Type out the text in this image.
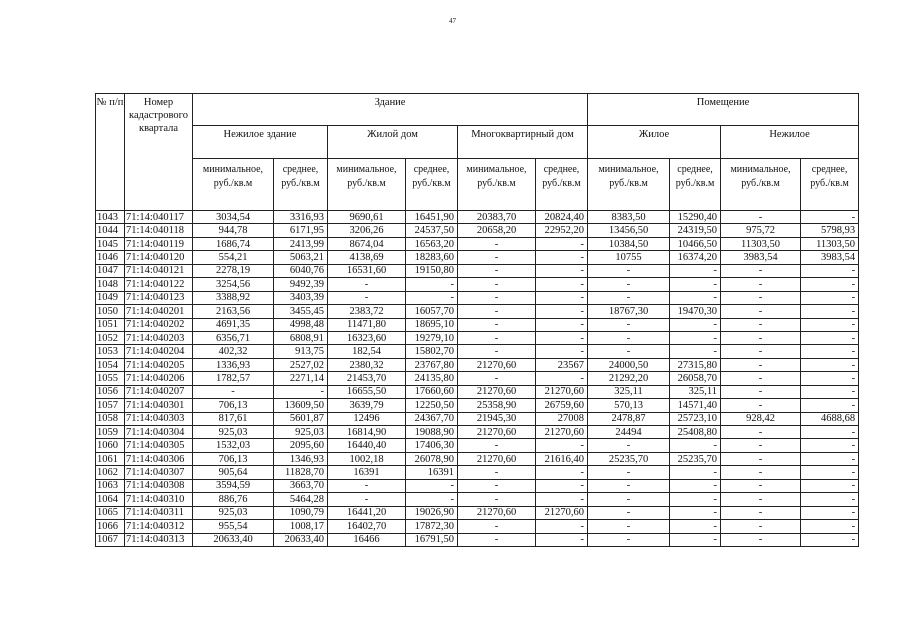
47
№ п/п	Номер кадастрового квартала	Здание						Помещение			
		Нежилое здание		Жилой дом		Многоквартирный дом		Жилое		Нежилое	
		минимальное, руб./кв.м	среднее, руб./кв.м	минимальное, руб./кв.м	среднее, руб./кв.м	минимальное, руб./кв.м	среднее, руб./кв.м	минимальное, руб./кв.м	среднее, руб./кв.м	минимальное, руб./кв.м	среднее, руб./кв.м
1043	71:14:040117	3034,54	3316,93	9690,61	16451,90	20383,70	20824,40	8383,50	15290,40	-	-
1044	71:14:040118	944,78	6171,95	3206,26	24537,50	20658,20	22952,20	13456,50	24319,50	975,72	5798,93
1045	71:14:040119	1686,74	2413,99	8674,04	16563,20	-	-	10384,50	10466,50	11303,50	11303,50
1046	71:14:040120	554,21	5063,21	4138,69	18283,60	-	-	10755	16374,20	3983,54	3983,54
1047	71:14:040121	2278,19	6040,76	16531,60	19150,80	-	-	-	-	-	-
1048	71:14:040122	3254,56	9492,39	-	-	-	-	-	-	-	-
1049	71:14:040123	3388,92	3403,39	-	-	-	-	-	-	-	-
1050	71:14:040201	2163,56	3455,45	2383,72	16057,70	-	-	18767,30	19470,30	-	-
1051	71:14:040202	4691,35	4998,48	11471,80	18695,10	-	-	-	-	-	-
1052	71:14:040203	6356,71	6808,91	16323,60	19279,10	-	-	-	-	-	-
1053	71:14:040204	402,32	913,75	182,54	15802,70	-	-	-	-	-	-
1054	71:14:040205	1336,93	2527,02	2380,32	23767,80	21270,60	23567	24000,50	27315,80	-	-
1055	71:14:040206	1782,57	2271,14	21453,70	24135,80	-	-	21292,20	26058,70	-	-
1056	71:14:040207	-	-	16655,50	17660,60	21270,60	21270,60	325,11	325,11	-	-
1057	71:14:040301	706,13	13609,50	3639,79	12250,50	25358,90	26759,60	570,13	14571,40	-	-
1058	71:14:040303	817,61	5601,87	12496	24367,70	21945,30	27008	2478,87	25723,10	928,42	4688,68
1059	71:14:040304	925,03	925,03	16814,90	19088,90	21270,60	21270,60	24494	25408,80	-	-
1060	71:14:040305	1532,03	2095,60	16440,40	17406,30	-	-	-	-	-	-
1061	71:14:040306	706,13	1346,93	1002,18	26078,90	21270,60	21616,40	25235,70	25235,70	-	-
1062	71:14:040307	905,64	11828,70	16391	16391	-	-	-	-	-	-
1063	71:14:040308	3594,59	3663,70	-	-	-	-	-	-	-	-
1064	71:14:040310	886,76	5464,28	-	-	-	-	-	-	-	-
1065	71:14:040311	925,03	1090,79	16441,20	19026,90	21270,60	21270,60	-	-	-	-
1066	71:14:040312	955,54	1008,17	16402,70	17872,30	-	-	-	-	-	-
1067	71:14:040313	20633,40	20633,40	16466	16791,50	-	-	-	-	-	-
